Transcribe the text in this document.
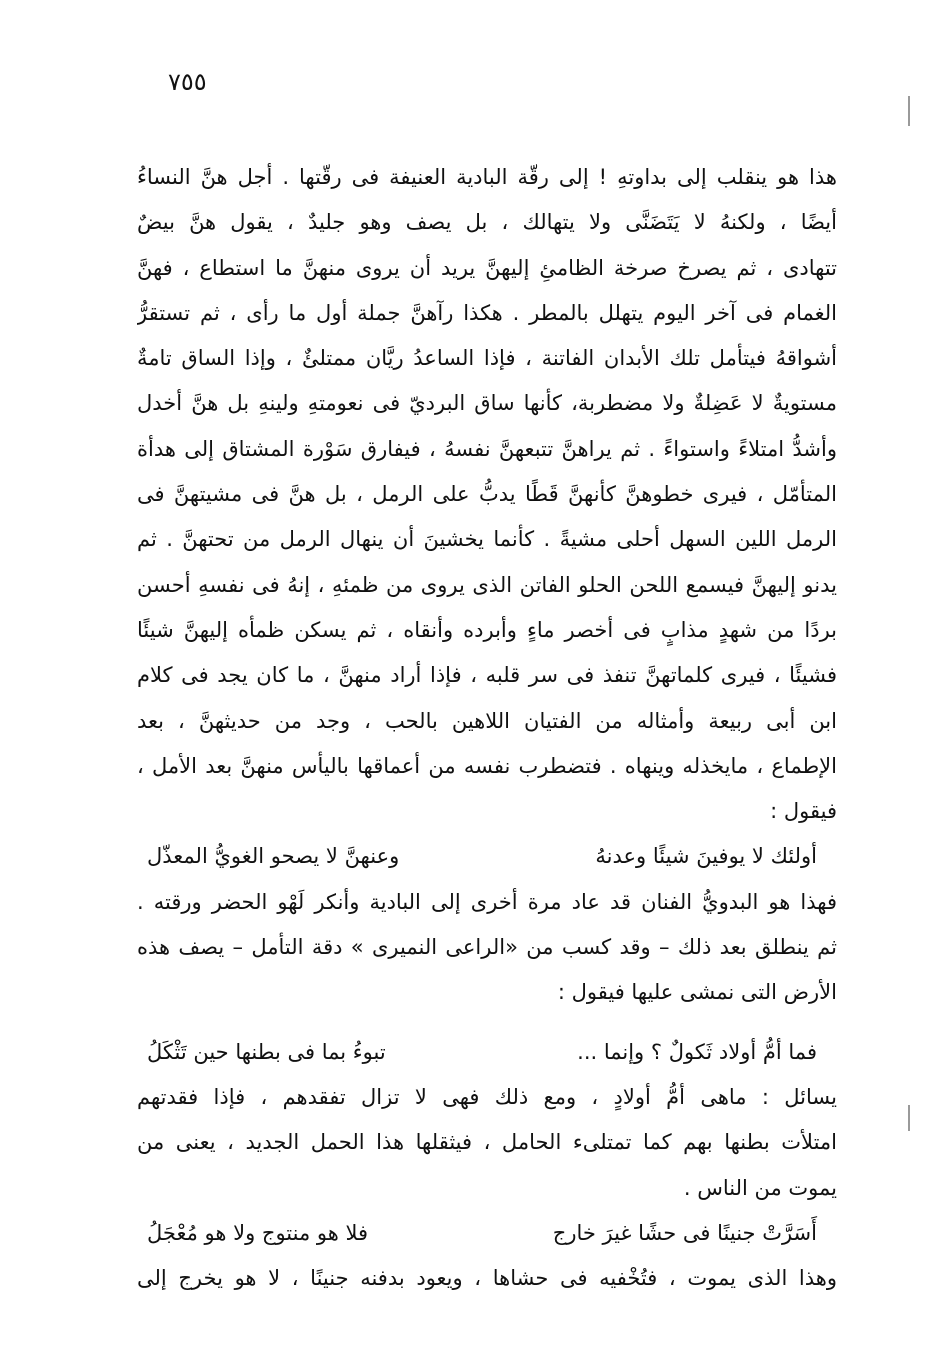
٧٥٥
هذا هو ينقلب إلى بداوتهِ ! إلى رقّة البادية العنيفة فى رقّتها . أجل هنَّ النساءُ
أيضًا ، ولكنهُ لا يَتَضَنَّى ولا يتهالك ، بل يصف وهو جليدٌ ، يقول هنَّ بيضٌ
تتهادى ، ثم يصرخ صرخة الظامئِ إليهنَّ يريد أن يروى منهنَّ ما استطاع ، فهنَّ
الغمام فى آخر اليوم يتهلل بالمطر . هكذا رآهنَّ جملة أول ما رأى ، ثم تستقرُّ
أشواقهُ فيتأمل تلك الأبدان الفاتنة ، فإذا الساعدُ ريَّان ممتلئٌ ، وإذا الساق تامةٌ
مستويةٌ لا عَضِلةٌ ولا مضطربة، كأنها ساق البرديّ فى نعومتهِ ولينهِ بل هنَّ أخدل
وأشدُّ امتلاءً واستواءً . ثم يراهنَّ تتبعهنَّ نفسهُ ، فيفارق سَوْرة المشتاق إلى هدأة
المتأمّل ، فيرى خطوهنَّ كأنهنَّ قَطًا يدبُّ على الرمل ، بل هنَّ فى مشيتهنَّ فى
الرمل اللين السهل أحلى مشيةً . كأنما يخشينَ أن ينهال الرمل من تحتهنَّ . ثم
يدنو إليهنَّ فيسمع اللحن الحلو الفاتن الذى يروى من ظمئهِ ، إنهُ فى نفسهِ أحسن
بردًا من شهدٍ مذابٍ فى أخصر ماءٍ وأبرده وأنقاه ، ثم يسكن ظمأه إليهنَّ شيئًا
فشيئًا ، فيرى كلماتهنَّ تنفذ فى سر قلبه ، فإذا أراد منهنَّ ، ما كان يجد فى كلام
ابن أبى ربيعة وأمثاله من الفتيان اللاهين بالحب ، وجد من حديثهنَّ ، بعد
الإطماع ، مايخذله وينهاه . فتضطرب نفسه من أعماقها باليأس منهنَّ بعد الأمل ،
فيقول :
أولئك لا يوفينَ شيئًا وعدنهُ
وعنهنَّ لا يصحو الغويُّ المعذّل
فهذا هو البدويُّ الفنان قد عاد مرة أخرى إلى البادية وأنكر لَهْو الحضر ورقته .
ثم ينطلق بعد ذلك – وقد كسب من «الراعى النميرى » دقة التأمل – يصف هذه
الأرض التى نمشى عليها فيقول :
فما أمُّ أولاد ثَكولٌ ؟ وإنما ...
تبوءُ بما فى بطنها حين تَثْكَلُ
يسائل : ماهى أمُّ أولادٍ ، ومع ذلك فهى لا تزال تفقدهم ، فإذا فقدتهم
امتلأت بطنها بهم كما تمتلىء الحامل ، فيثقلها هذا الحمل الجديد ، يعنى من
يموت من الناس .
أَسَرَّتْ جنينًا فى حشًا غيرَ خارج
فلا هو منتوج ولا هو مُعْجَلُ
وهذا الذى يموت ، فتُخْفيه فى حشاها ، ويعود بدفنه جنينًا ، لا هو يخرج إلى
